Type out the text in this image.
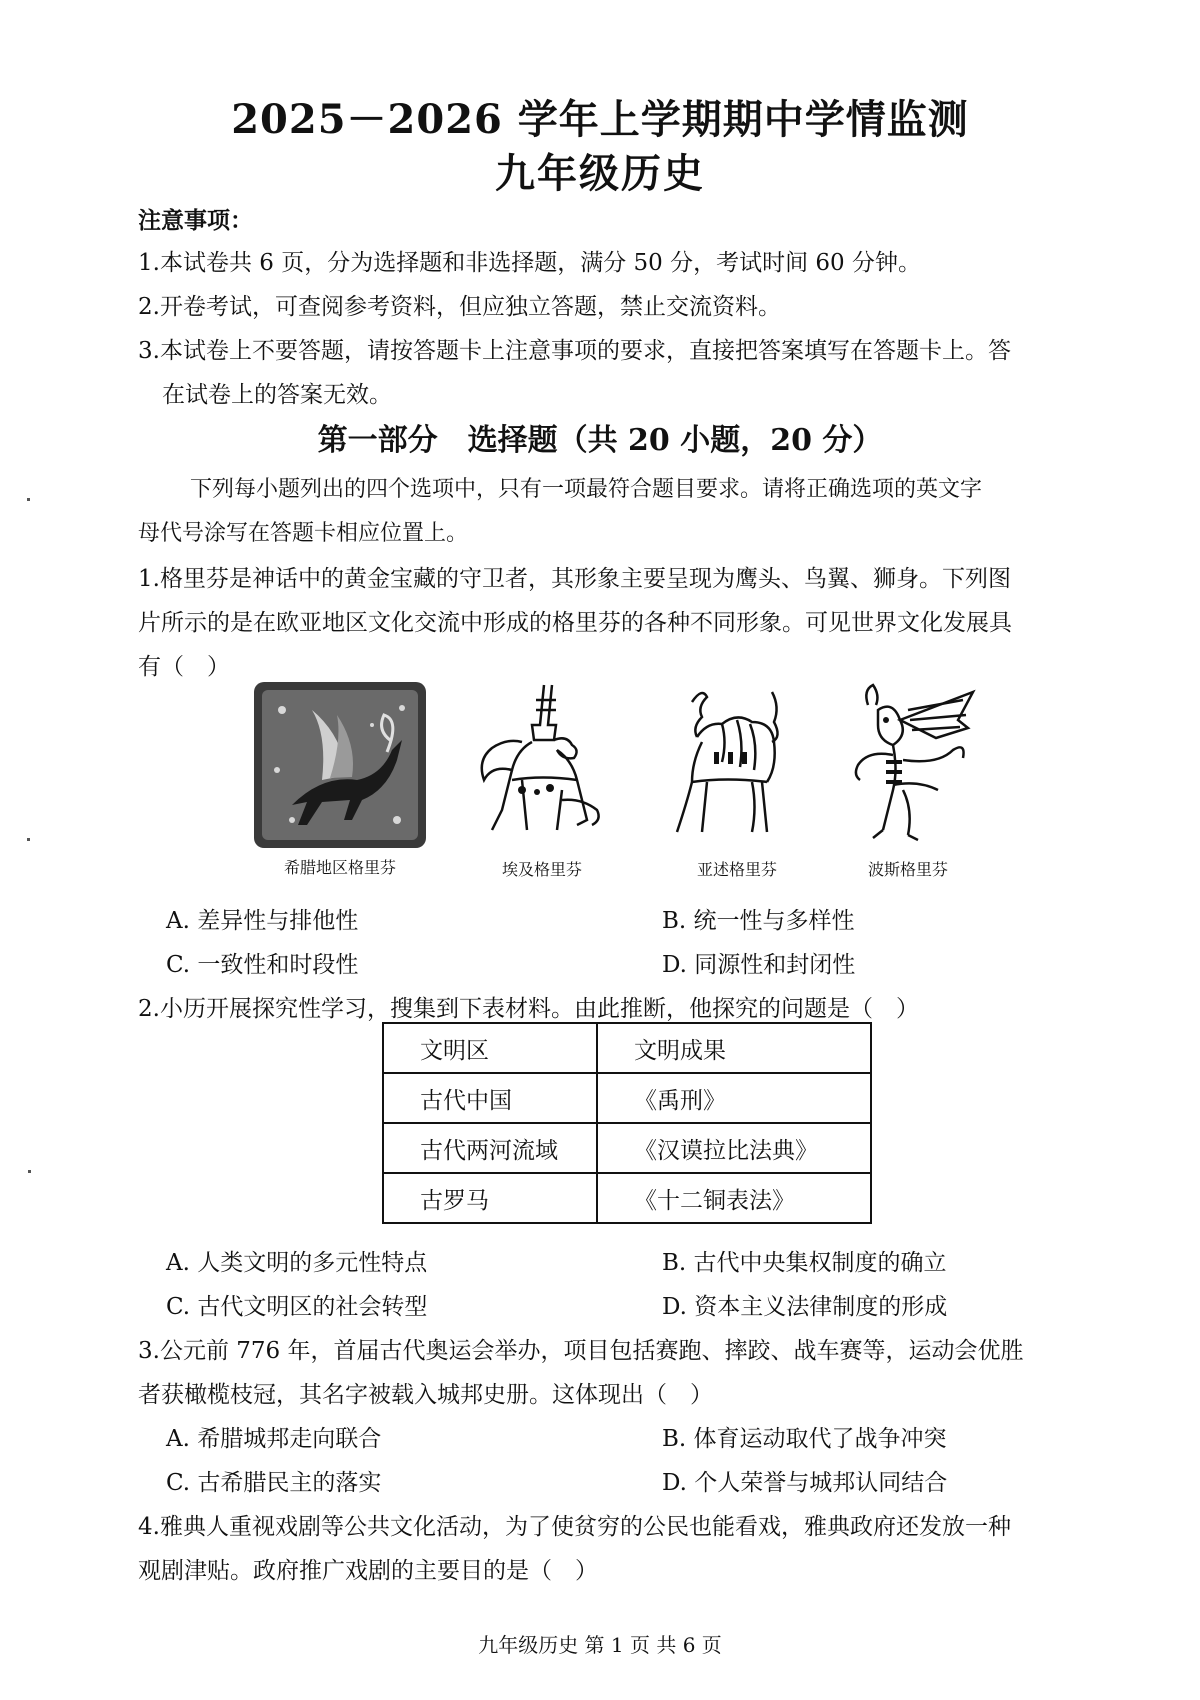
2025－2026 学年上学期期中学情监测
九年级历史
注意事项：
1.本试卷共 6 页，分为选择题和非选择题，满分 50 分，考试时间 60 分钟。
2.开卷考试，可查阅参考资料，但应独立答题，禁止交流资料。
3.本试卷上不要答题，请按答题卡上注意事项的要求，直接把答案填写在答题卡上。答
在试卷上的答案无效。
第一部分　选择题（共 20 小题，20 分）
下列每小题列出的四个选项中，只有一项最符合题目要求。请将正确选项的英文字
母代号涂写在答题卡相应位置上。
1.格里芬是神话中的黄金宝藏的守卫者，其形象主要呈现为鹰头、鸟翼、狮身。下列图
片所示的是在欧亚地区文化交流中形成的格里芬的各种不同形象。可见世界文化发展具
有（　）
希腊地区格里芬	埃及格里芬	亚述格里芬	波斯格里芬
A. 差异性与排他性	B. 统一性与多样性
C. 一致性和时段性	D. 同源性和封闭性
2.小历开展探究性学习，搜集到下表材料。由此推断，他探究的问题是（　）
文明区	文明成果
古代中国	《禹刑》
古代两河流域	《汉谟拉比法典》
古罗马	《十二铜表法》
A. 人类文明的多元性特点	B. 古代中央集权制度的确立
C. 古代文明区的社会转型	D. 资本主义法律制度的形成
3.公元前 776 年，首届古代奥运会举办，项目包括赛跑、摔跤、战车赛等，运动会优胜
者获橄榄枝冠，其名字被载入城邦史册。这体现出（　）
A. 希腊城邦走向联合	B. 体育运动取代了战争冲突
C. 古希腊民主的落实	D. 个人荣誉与城邦认同结合
4.雅典人重视戏剧等公共文化活动，为了使贫穷的公民也能看戏，雅典政府还发放一种
观剧津贴。政府推广戏剧的主要目的是（　）
九年级历史 第 1 页 共 6 页
